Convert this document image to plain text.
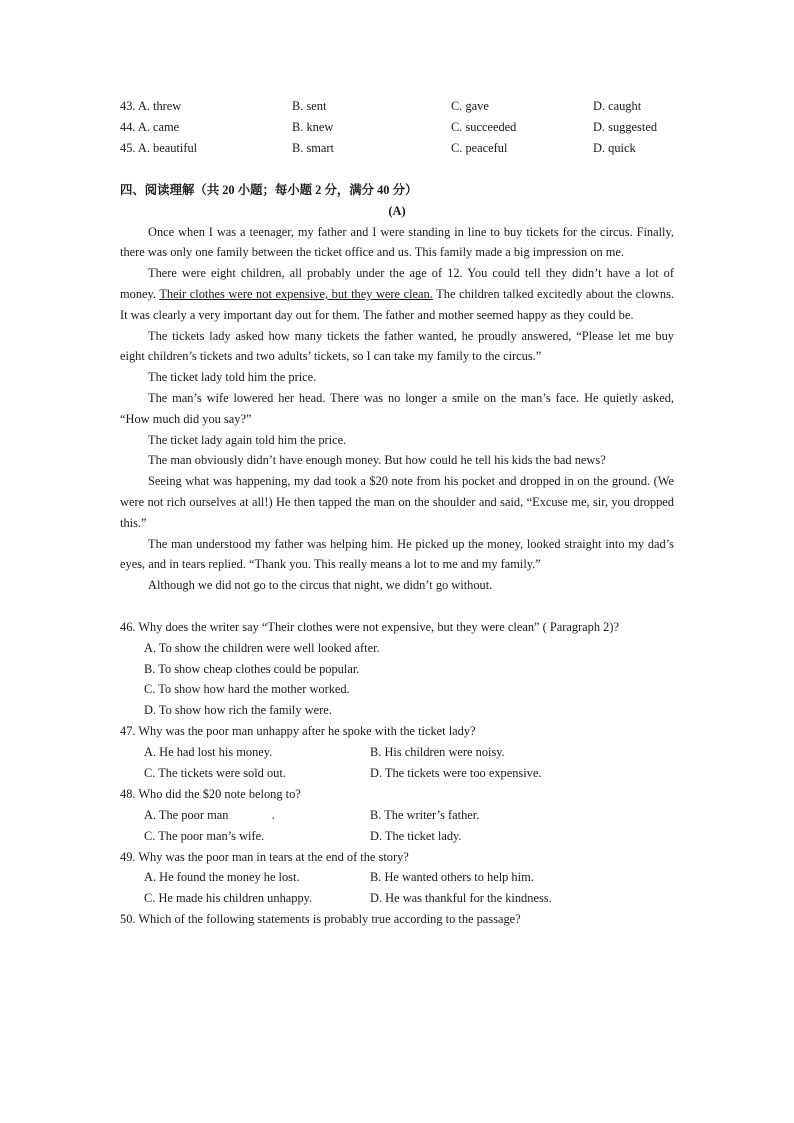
43. A. threw	B. sent	C. gave	D. caught
44. A. came	B. knew	C. succeeded	D. suggested
45. A. beautiful	B. smart	C. peaceful	D. quick
四、阅读理解（共 20 小题；每小题 2 分，满分 40 分）
(A)

Once when I was a teenager, my father and I were standing in line to buy tickets for the circus. Finally, there was only one family between the ticket office and us. This family made a big impression on me.

There were eight children, all probably under the age of 12. You could tell they didn’t have a lot of money. Their clothes were not expensive, but they were clean. The children talked excitedly about the clowns. It was clearly a very important day out for them. The father and mother seemed happy as they could be.

The tickets lady asked how many tickets the father wanted, he proudly answered, “Please let me buy eight children’s tickets and two adults’ tickets, so I can take my family to the circus.”

The ticket lady told him the price.

The man’s wife lowered her head. There was no longer a smile on the man’s face. He quietly asked, “How much did you say?”

The ticket lady again told him the price.

The man obviously didn’t have enough money. But how could he tell his kids the bad news?

Seeing what was happening, my dad took a $20 note from his pocket and dropped in on the ground. (We were not rich ourselves at all!) He then tapped the man on the shoulder and said, “Excuse me, sir, you dropped this.”

The man understood my father was helping him. He picked up the money, looked straight into my dad’s eyes, and in tears replied. “Thank you. This really means a lot to me and my family.”

Although we did not go to the circus that night, we didn’t go without.

46. Why does the writer say “Their clothes were not expensive, but they were clean” ( Paragraph 2)?
A. To show the children were well looked after.
B. To show cheap clothes could be popular.
C. To show how hard the mother worked.
D. To show how rich the family were.
47. Why was the poor man unhappy after he spoke with the ticket lady?
A. He had lost his money.	B. His children were noisy.
C. The tickets were sold out.	D. The tickets were too expensive.
48. Who did the $20 note belong to?
A. The poor man              .	B. The writer’s father.
C. The poor man’s wife.	D. The ticket lady.
49. Why was the poor man in tears at the end of the story?
A. He found the money he lost.	B. He wanted others to help him.
C. He made his children unhappy.	D. He was thankful for the kindness.
50. Which of the following statements is probably true according to the passage?
